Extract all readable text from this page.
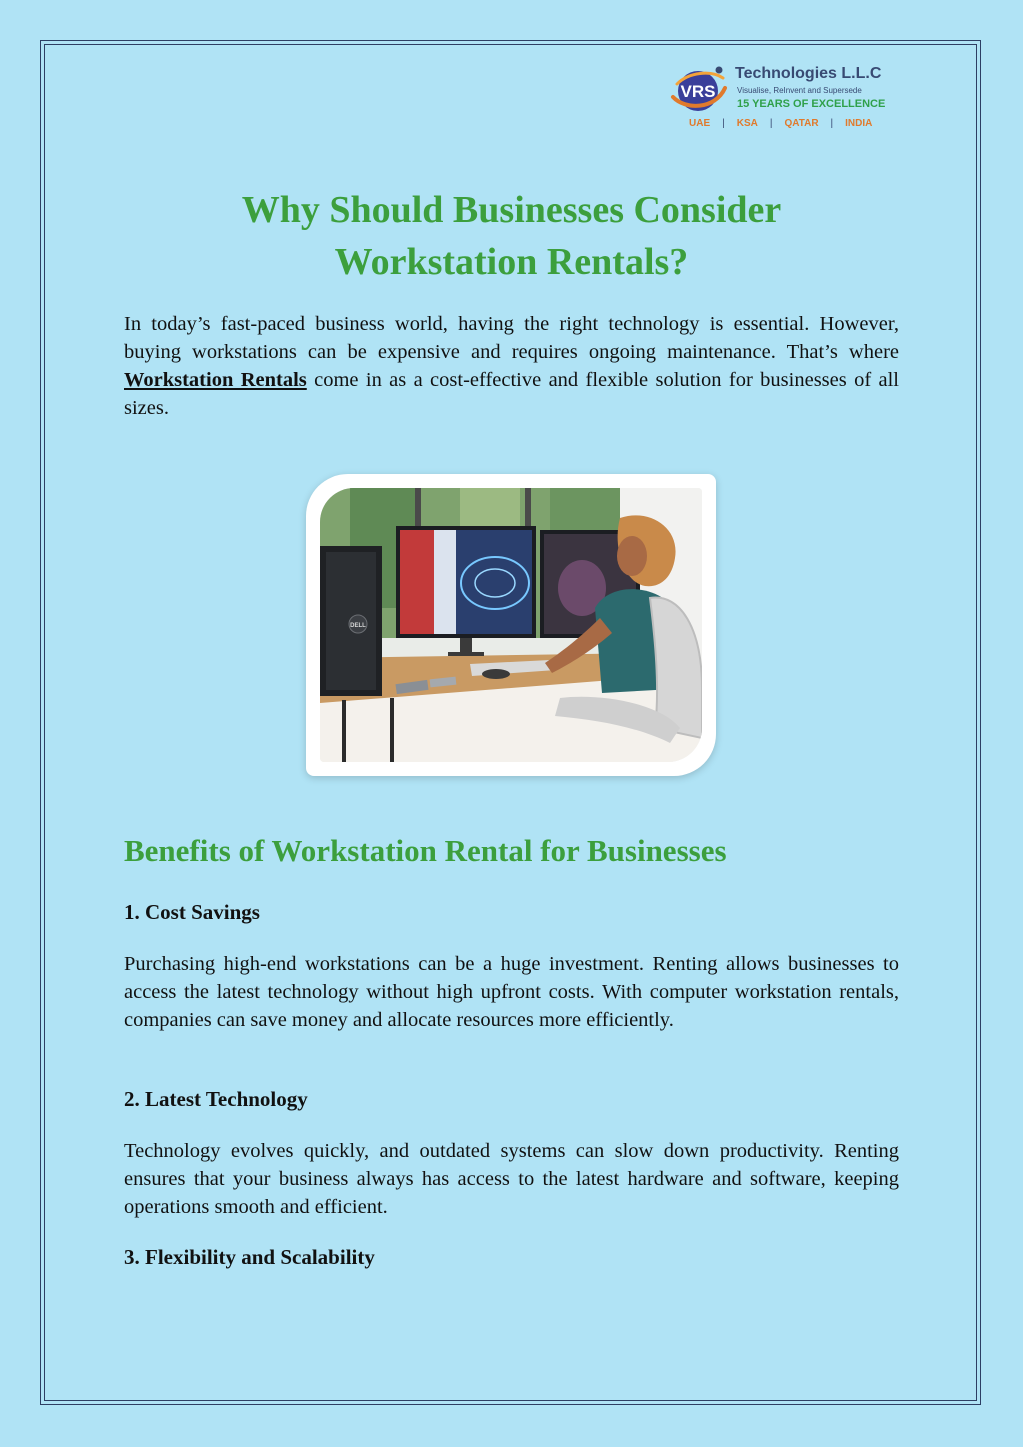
VRS
Technologies L.L.C
Visualise, ReInvent and Supersede
15 YEARS OF EXCELLENCE
UAE | KSA | QATAR | INDIA
Why Should Businesses Consider
Workstation Rentals?

In today’s fast-paced business world, having the right technology is essential. However, buying workstations can be expensive and requires ongoing maintenance. That’s where Workstation Rentals come in as a cost-effective and flexible solution for businesses of all sizes.

DELL
Benefits of Workstation Rental for Businesses
1. Cost Savings

Purchasing high-end workstations can be a huge investment. Renting allows businesses to access the latest technology without high upfront costs. With computer workstation rentals, companies can save money and allocate resources more efficiently.

2. Latest Technology

Technology evolves quickly, and outdated systems can slow down productivity. Renting ensures that your business always has access to the latest hardware and software, keeping operations smooth and efficient.

3. Flexibility and Scalability
